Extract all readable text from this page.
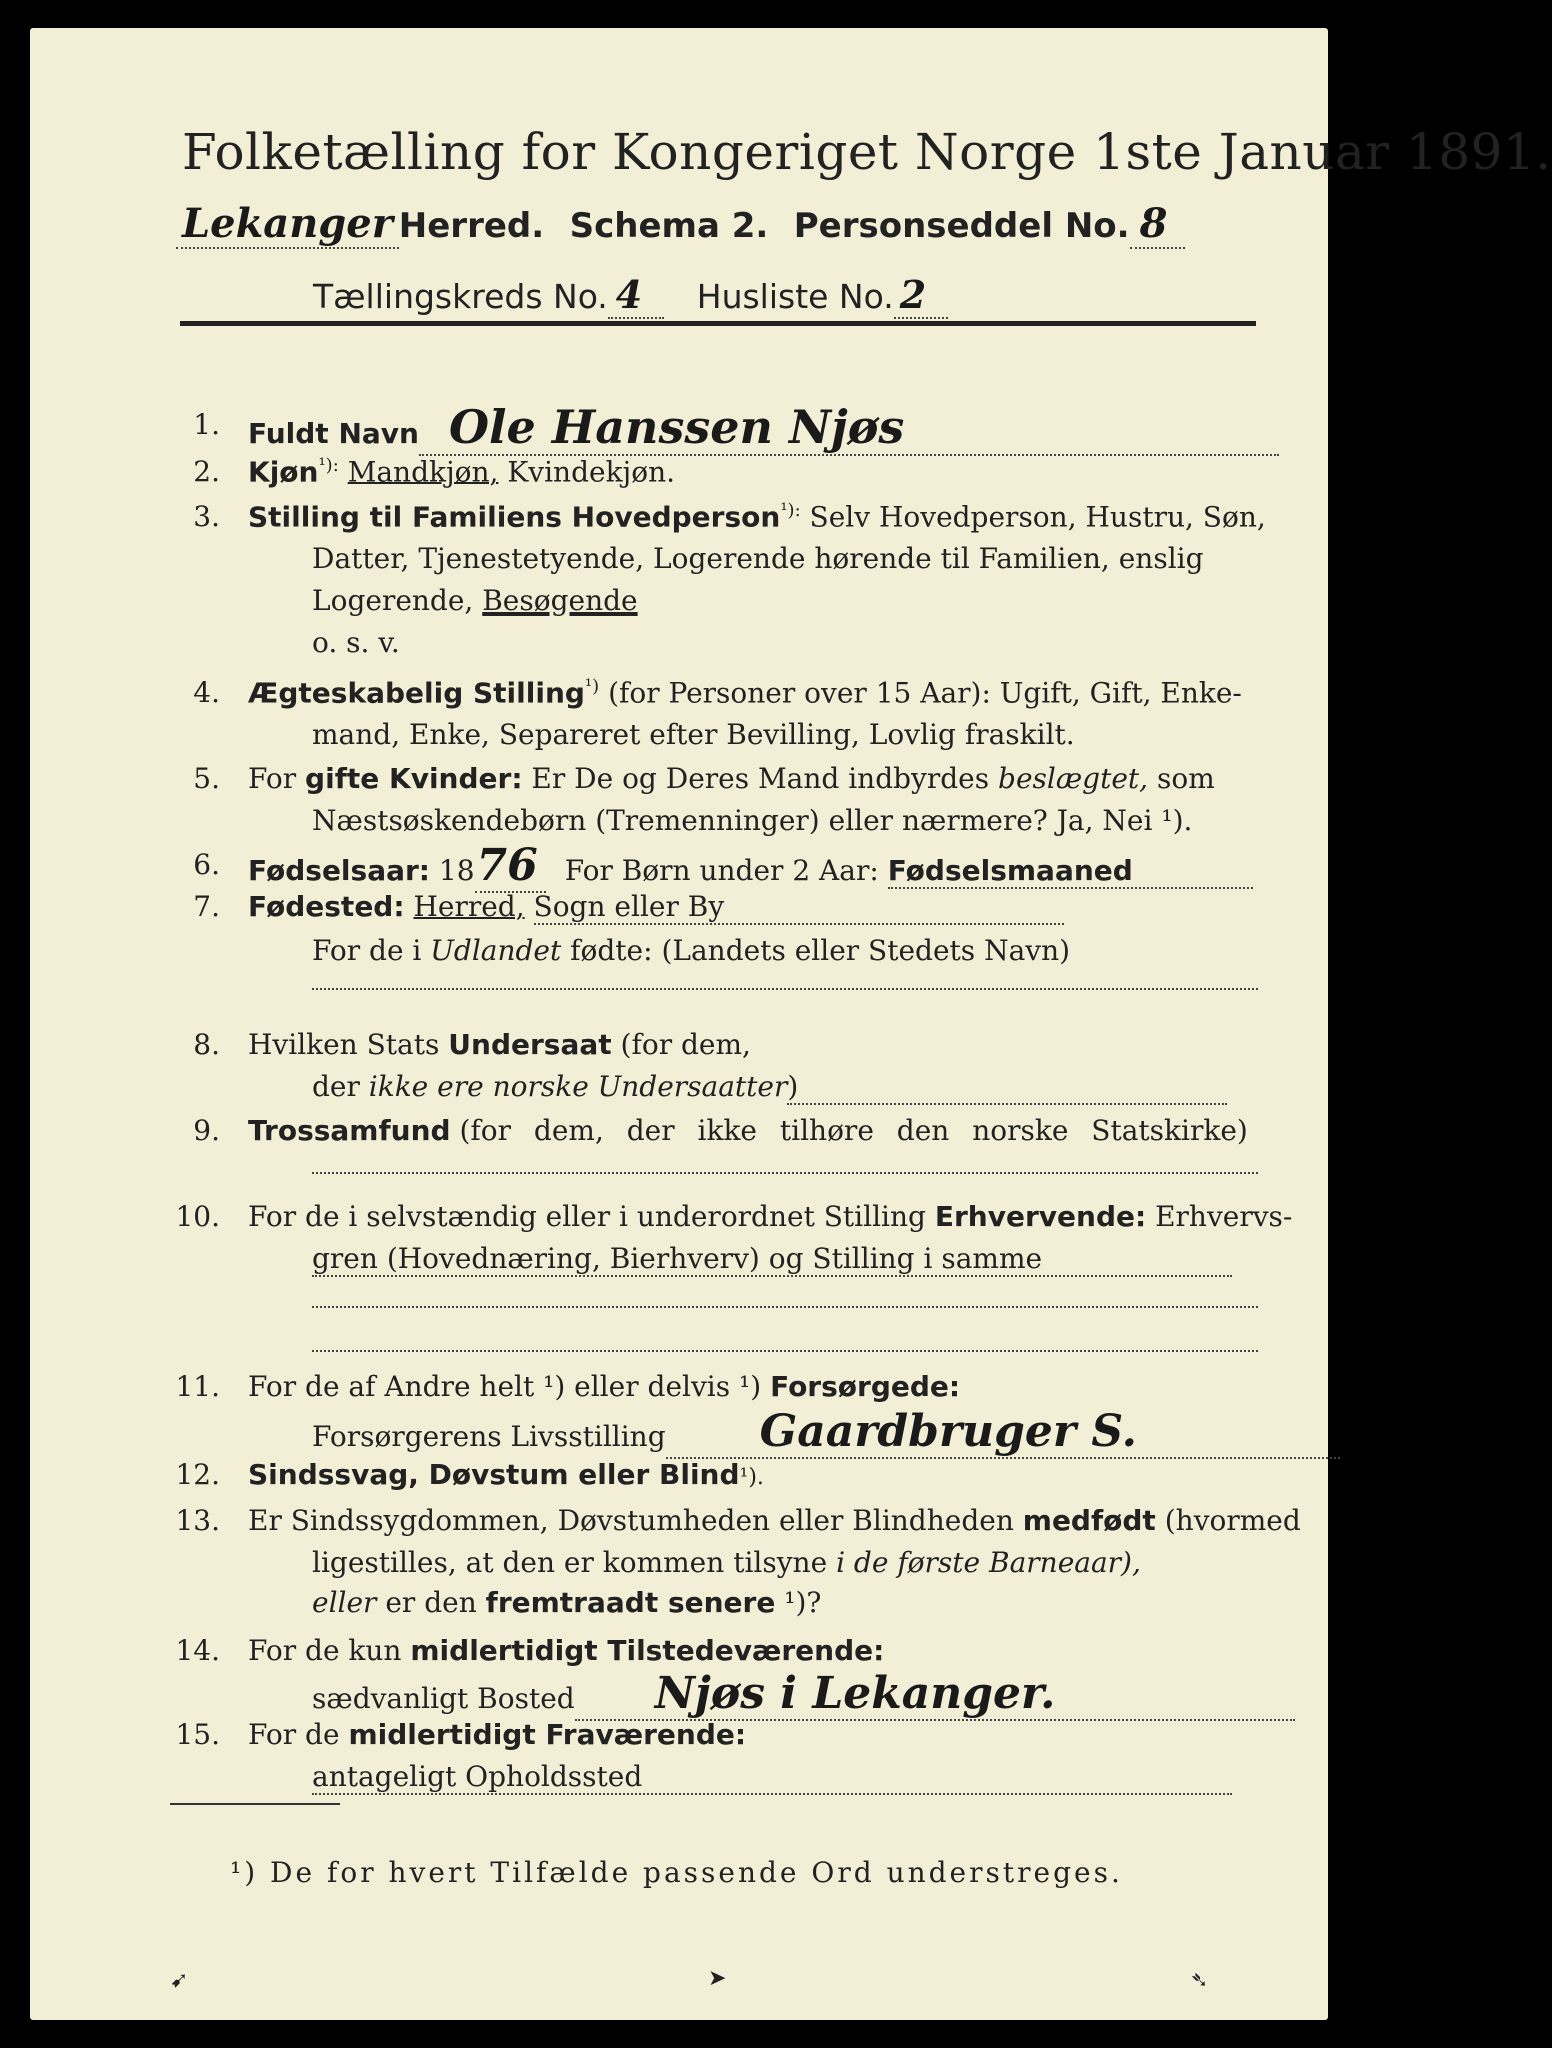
Folketælling for Kongeriget Norge 1ste Januar 1891.
Lekanger Herred. Schema 2. Personseddel No. 8
Tællingskreds No. 4 Husliste No. 2
1. Fuldt Navn Ole Hanssen Njøs
2. Kjøn$^{^1):}$ Mandkjøn, Kvindekjøn.
3. Stilling til Familiens Hovedperson$^{^1):}$ Selv Hovedperson, Hustru, Søn,
Datter, Tjenestetyende, Logerende hørende til Familien, enslig
Logerende, Besøgende
o. s. v.
4. Ægteskabelig Stilling$^{^1)}$ (for Personer over 15 Aar): Ugift, Gift, Enke-
mand, Enke, Separeret efter Bevilling, Lovlig fraskilt.
5. For gifte Kvinder: Er De og Deres Mand indbyrdes beslægtet, som
Næstsøskendebørn (Tremenninger) eller nærmere? Ja, Nei ¹).
6. Fødselsaar: 1876 For Børn under 2 Aar: Fødselsmaaned
7. Fødested: Herred, Sogn eller By
For de i Udlandet fødte: (Landets eller Stedets Navn)
8. Hvilken Stats Undersaat (for dem,
der ikke ere norske Undersaatter)
9. Trossamfund (for dem, der ikke tilhøre den norske Statskirke)
10. For de i selvstændig eller i underordnet Stilling Erhvervende: Erhvervs-
gren (Hovednæring, Bierhverv) og Stilling i samme
11. For de af Andre helt ¹) eller delvis ¹) Forsørgede:
Forsørgerens Livsstilling Gaardbruger S.
12. Sindssvag, Døvstum eller Blind¹).
13. Er Sindssygdommen, Døvstumheden eller Blindheden medfødt (hvormed
ligestilles, at den er kommen tilsyne i de første Barneaar),
eller er den fremtraadt senere ¹)?
14. For de kun midlertidigt Tilstedeværende:
sædvanligt Bosted Njøs i Lekanger.
15. For de midlertidigt Fraværende:
antageligt Opholdssted
¹) De for hvert Tilfælde passende Ord understreges.
➹	➤	➴
